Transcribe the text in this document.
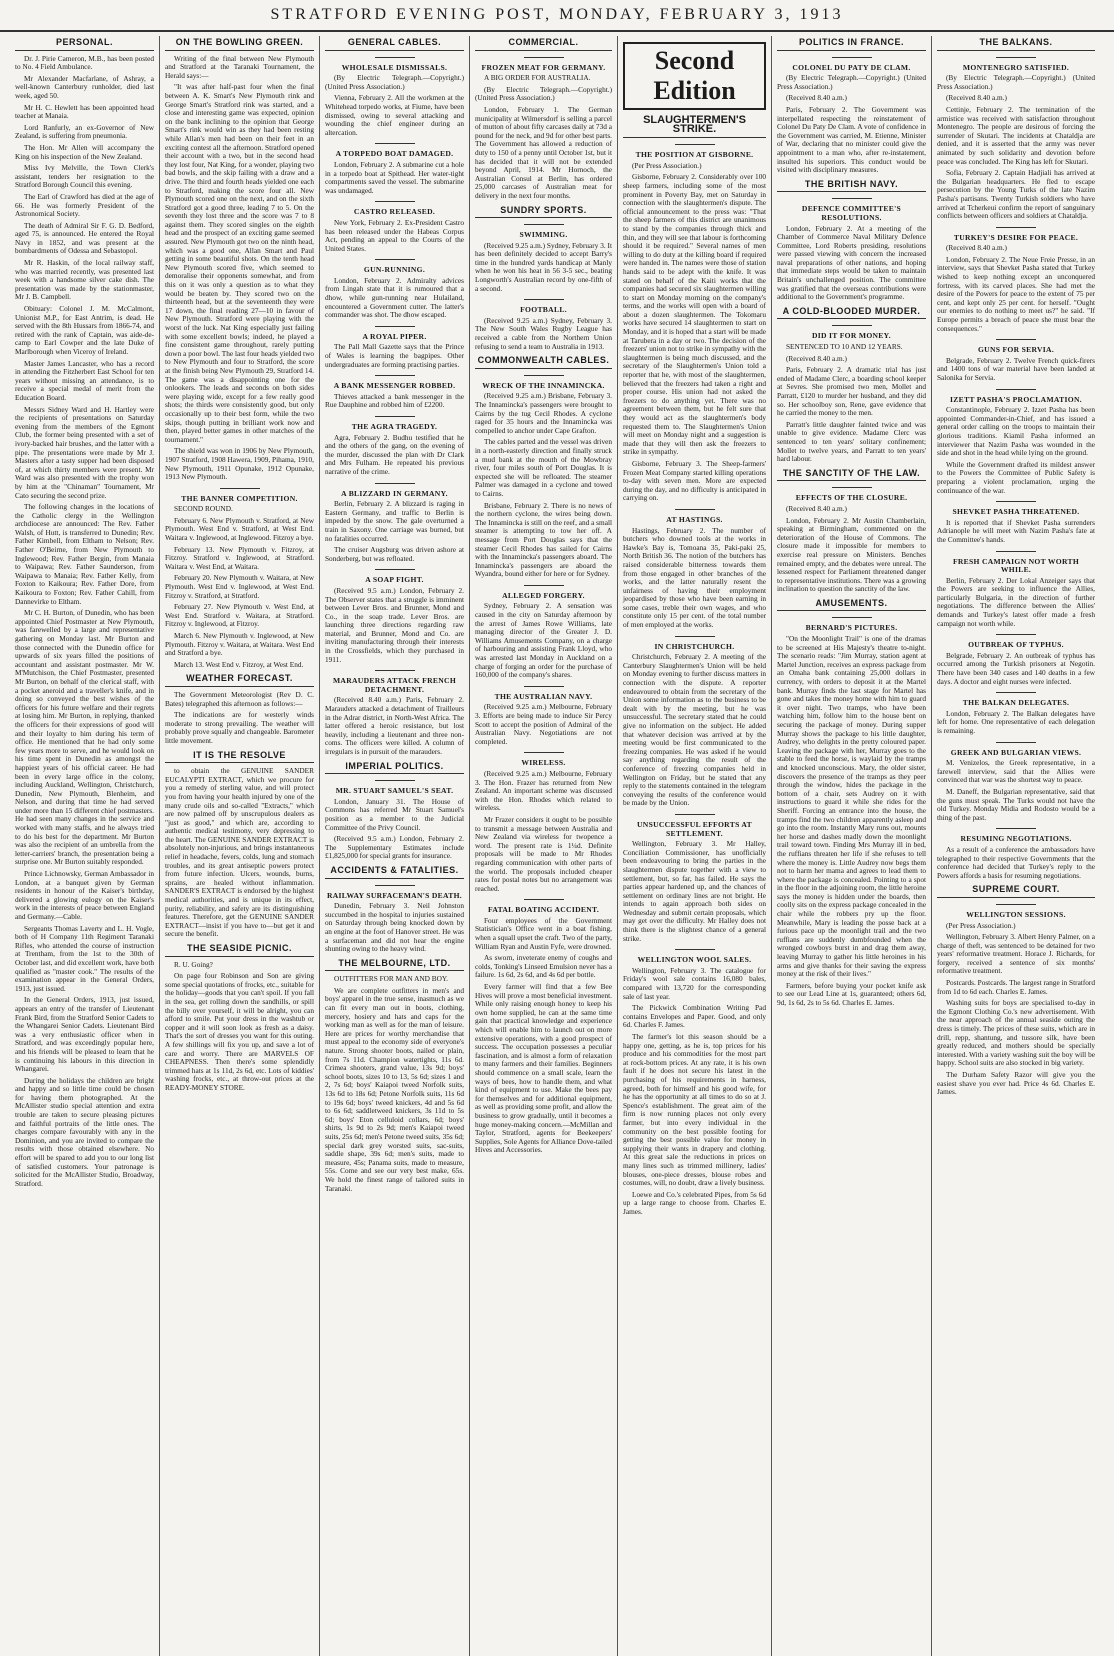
STRATFORD EVENING POST, MONDAY, FEBRUARY 3, 1913
PERSONAL.

Dr. J. Pirie Cameron, M.B., has been posted to No. 4 Field Ambulance.

Mr Alexander Macfarlane, of Ashray, a well-known Canterbury runholder, died last week, aged 50.

Mr H. C. Hewlett has been appointed head teacher at Manaia.

Lord Ranfurly, an ex-Governor of New Zealand, is suffering from pneumonia.

The Hon. Mr Allen will accompany the King on his inspection of the New Zealand.

Miss Ivy Melville, the Town Clerk's assistant, tenders her resignation to the Stratford Borough Council this evening.

The Earl of Crawford has died at the age of 66. He was formerly President of the Astronomical Society.

The death of Admiral Sir F. G. D. Bedford, aged 75, is announced. He entered the Royal Navy in 1852, and was present at the bombardments of Odessa and Sebastopol.

Mr R. Haskin, of the local railway staff, who was married recently, was presented last week with a handsome silver cake dish. The presentation was made by the stationmaster, Mr J. B. Campbell.

Obituary: Colonel J. M. McCalmont, Unionist M.P., for East Antrim, is dead. He served with the 8th Hussars from 1866-74, and retired with the rank of Captain, was aide-de-camp to Earl Cowper and the late Duke of Marlborough when Viceroy of Ireland.

Master James Lancaster, who has a record in attending the Fitzherbert East School for ten years without missing an attendance, is to receive a special medal of merit from the Education Board.

Messrs Sidney Ward and H. Hartley were the recipients of presentations on Saturday evening from the members of the Egmont Club, the former being presented with a set of ivory-backed hair brushes, and the latter with a pipe. The presentations were made by Mr J. Masters after a tasty supper had been disposed of, at which thirty members were present. Mr Ward was also presented with the trophy won by him at the "Chinaman" Tournament, Mr Cato securing the second prize.

The following changes in the locations of the Catholic clergy in the Wellington archdiocese are announced: The Rev. Father Walsh, of Hutt, is transferred to Dunedin; Rev. Father Kimbell, from Eltham to Nelson; Rev. Father O'Beirne, from New Plymouth to Inglewood; Rev. Father Bergin, from Manaia to Waipawa; Rev. Father Saunderson, from Waipawa to Manaia; Rev. Father Kelly, from Foxton to Kaikoura; Rev. Father Dore, from Kaikoura to Foxton; Rev. Father Cahill, from Dannevirke to Eltham.

Mr C. H. Burton, of Dunedin, who has been appointed Chief Postmaster at New Plymouth, was farewelled by a large and representative gathering on Monday last. Mr Burton and those connected with the Dunedin office for upwards of six years filled the positions of accountant and assistant postmaster. Mr W. M'Mutchison, the Chief Postmaster, presented Mr Burton, on behalf of the clerical staff, with a pocket aneroid and a traveller's knife, and in doing so conveyed the best wishes of the officers for his future welfare and their regrets at losing him. Mr Burton, in replying, thanked the officers for their expressions of good will and their loyalty to him during his term of office. He mentioned that he had only some few years more to serve, and he would look on his time spent in Dunedin as amongst the happiest years of his official career. He had been in every large office in the colony, including Auckland, Wellington, Christchurch, Dunedin, New Plymouth, Blenheim, and Nelson, and during that time he had served under more than 15 different chief postmasters. He had seen many changes in the service and worked with many staffs, and he always tried to do his best for the department. Mr Burton was also the recipient of an umbrella from the letter-carriers' branch, the presentation being a surprise one. Mr Burton suitably responded.

Prince Lichnowsky, German Ambassador in London, at a banquet given by German residents in honour of the Kaiser's birthday, delivered a glowing eulogy on the Kaiser's work in the interests of peace between England and Germany.—Cable.

Sergeants Thomas Laverty and L. H. Vogle, both of H Company 11th Regiment Taranaki Rifles, who attended the course of instruction at Trentham, from the 1st to the 30th of October last, and did excellent work, have both qualified as "master cook." The results of the examination appear in the General Orders, 1913, just issued.

In the General Orders, 1913, just issued, appears an entry of the transfer of Lieutenant Frank Bird, from the Stratford Senior Cadets to the Whangarei Senior Cadets. Lieutenant Bird was a very enthusiastic officer when in Stratford, and was exceedingly popular here, and his friends will be pleased to learn that he is continuing his labours in this direction in Whangarei.

During the holidays the children are bright and happy and so little time could be chosen for having them photographed. At the McAllister studio special attention and extra trouble are taken to secure pleasing pictures and faithful portraits of the little ones. The charges compare favourably with any in the Dominion, and you are invited to compare the results with those obtained elsewhere. No effort will be spared to add you to our long list of satisfied customers. Your patronage is solicited for the McAllister Studio, Broadway, Stratford.

ON THE BOWLING GREEN.

Writing of the final between New Plymouth and Stratford at the Taranaki Tournament, the Herald says:—

"It was after half-past four when the final between A. K. Smart's New Plymouth rink and George Smart's Stratford rink was started, and a close and interesting game was expected, opinion on the bank inclining to the opinion that George Smart's rink would win as they had been resting while Allan's men had been on their feet in an exciting contest all the afternoon. Stratford opened their account with a two, but in the second head they lost four, Nat King, for a wonder, playing two bad bowls, and the skip failing with a draw and a drive. The third and fourth heads yielded one each to Stratford, making the score four all. New Plymouth scored one on the next, and on the sixth Stratford got a good three, leading 7 to 5. On the seventh they lost three and the score was 7 to 8 against them. They scored singles on the eighth head and the prospect of an exciting game seemed assured. New Plymouth got two on the ninth head, which was a good one, Allan Smart and Paul getting in some beautiful shots. On the tenth head New Plymouth scored five, which seemed to demoralise their opponents somewhat, and from this on it was only a question as to what they would be beaten by. They scored two on the thirteenth head, but at the seventeenth they were 17 down, the final reading 27—10 in favour of New Plymouth. Stratford were playing with the worst of the luck. Nat King especially just failing with some excellent bowls; indeed, he played a fine consistent game throughout, rarely putting down a poor bowl. The last four heads yielded two to New Plymouth and four to Stratford, the score at the finish being New Plymouth 29, Stratford 14. The game was a disappointing one for the onlookers. The leads and seconds on both sides were playing wide, except for a few really good shots; the thirds were consistently good, but only occasionally up to their best form, while the two skips, though putting in brilliant work now and then, played better games in other matches of the tournament."

The shield was won in 1906 by New Plymouth, 1907 Stratford, 1908 Hawera, 1909, Pihama, 1910, New Plymouth, 1911 Opunake, 1912 Opunake, 1913 New Plymouth.

THE BANNER COMPETITION.

SECOND ROUND.

February 6. New Plymouth v. Stratford, at New Plymouth. West End v. Stratford, at West End. Waitara v. Inglewood, at Inglewood. Fitzroy a bye.

February 13. New Plymouth v. Fitzroy, at Fitzroy. Stratford v. Inglewood, at Stratford. Waitara v. West End, at Waitara.

February 20. New Plymouth v. Waitara, at New Plymouth. West End v. Inglewood, at West End. Fitzroy v. Stratford, at Stratford.

February 27. New Plymouth v. West End, at West End. Stratford v. Waitara, at Stratford. Fitzroy v. Inglewood, at Fitzroy.

March 6. New Plymouth v. Inglewood, at New Plymouth. Fitzroy v. Waitara, at Waitara. West End and Stratford a bye.

March 13. West End v. Fitzroy, at West End.

WEATHER FORECAST.

The Government Meteorologist (Rev D. C. Bates) telegraphed this afternoon as follows:—

The indications are for westerly winds moderate to strong prevailing. The weather will probably prove squally and changeable. Barometer little movement.

IT IS THE RESOLVE

to obtain the GENUINE SANDER EUCALYPTI EXTRACT, which we procure for you a remedy of sterling value, and will protect you from having your health injured by one of the many crude oils and so-called "Extracts," which are now palmed off by unscrupulous dealers as "just as good," and which are, according to authentic medical testimony, very depressing to the heart. The GENUINE SANDER EXTRACT is absolutely non-injurious, and brings instantaneous relief in headache, fevers, colds, lung and stomach troubles, and its great antiseptic powers protect from future infection. Ulcers, wounds, burns, sprains, are healed without inflammation. SANDER'S EXTRACT is endorsed by the highest medical authorities, and is unique in its effect, purity, reliability, and safety are its distinguishing features. Therefore, get the GENUINE SANDER EXTRACT—insist if you have to—but get it and secure the benefit.

THE SEASIDE PICNIC.

R. U. Going?

On page four Robinson and Son are giving some special quotations of frocks, etc., suitable for the holiday—goods that you can't spoil. If you fall in the sea, get rolling down the sandhills, or spill the billy over yourself, it will be alright, you can afford to smile. Put your dress in the washtub or copper and it will soon look as fresh as a daisy. That's the sort of dresses you want for this outing. A few shillings will fix you up, and save a lot of care and worry. There are MARVELS OF CHEAPNESS. Then there's some splendidly trimmed hats at 1s 11d, 2s 6d, etc. Lots of kiddies' washing frocks, etc., at throw-out prices at the READY-MONEY STORE.

GENERAL CABLES.
WHOLESALE DISMISSALS.

(By Electric Telegraph.—Copyright.) (United Press Association.)

Vienna, February 2. All the workmen at the Whitehead torpedo works, at Fiume, have been dismissed, owing to several attacking and wounding the chief engineer during an altercation.

A TORPEDO BOAT DAMAGED.

London, February 2. A submarine cut a hole in a torpedo boat at Spithead. Her water-tight compartments saved the vessel. The submarine was undamaged.

CASTRO RELEASED.

New York, February 2. Ex-President Castro has been released under the Habeas Corpus Act, pending an appeal to the Courts of the United States.

GUN-RUNNING.

London, February 2. Admiralty advices from Lingah state that it is rumoured that a dhow, while gun-running near Hulailand, encountered a Government cutter. The latter's commander was shot. The dhow escaped.

A ROYAL PIPER.

The Pall Mall Gazette says that the Prince of Wales is learning the bagpipes. Other undergraduates are forming practising parties.

A BANK MESSENGER ROBBED.

Thieves attacked a bank messenger in the Rue Dauphine and robbed him of £2200.

THE AGRA TRAGEDY.

Agra, February 2. Budhu testified that he and the others of the gang, on the evening of the murder, discussed the plan with Dr Clark and Mrs Fulham. He repeated his previous narrative of the crime.

A BLIZZARD IN GERMANY.

Berlin, February 2. A blizzard is raging in Eastern Germany, and traffic to Berlin is impeded by the snow. The gale overturned a train in Saxony. One carriage was burned, but no fatalities occurred.

The cruiser Augsburg was driven ashore at Sonderberg, but was refloated.

A SOAP FIGHT.

(Received 9.5 a.m.) London, February 2. The Observer states that a struggle is imminent between Lever Bros. and Brunner, Mond and Co., in the soap trade. Lever Bros. are launching three directions regarding raw material, and Brunner, Mond and Co. are inviting manufacturing through their interests in the Crossfields, which they purchased in 1911.

MARAUDERS ATTACK FRENCH DETACHMENT.

(Received 8.40 a.m.) Paris, February 2. Marauders attacked a detachment of Trailleurs in the Adrar district, in North-West Africa. The latter offered a heroic resistance, but lost heavily, including a lieutenant and three non-coms. The officers were killed. A column of irregulars is in pursuit of the marauders.

IMPERIAL POLITICS.
MR. STUART SAMUEL'S SEAT.

London, January 31. The House of Commons has referred Mr Stuart Samuel's position as a member to the Judicial Committee of the Privy Council.

(Received 9.5 a.m.) London, February 2. The Supplementary Estimates include £1,825,000 for special grants for insurance.

ACCIDENTS & FATALITIES.
RAILWAY SURFACEMAN'S DEATH.

Dunedin, February 3. Neil Johnston succumbed in the hospital to injuries sustained on Saturday through being knocked down by an engine at the foot of Hanover street. He was a surfaceman and did not hear the engine shunting owing to the heavy wind.

THE MELBOURNE, LTD.

OUTFITTERS FOR MAN AND BOY.

We are complete outfitters in men's and boys' apparel in the true sense, inasmuch as we can fit every man out in boots, clothing, mercery, hosiery and hats and caps for the working man as well as for the man of leisure. Here are prices for worthy merchandise that must appeal to the economy side of everyone's nature. Strong shooter boots, nailed or plain, from 7s 11d. Champion watertights, 11s 6d. Crimea shooters, grand value, 13s 9d; boys' school boots, sizes 10 to 13, 5s 6d; sizes 1 and 2, 7s 6d; boys' Kaiapoi tweed Norfolk suits, 13s 6d to 18s 6d; Petone Norfolk suits, 11s 6d to 19s 6d; boys' tweed knickers, 4d and 5s 6d to 6s 6d; saddletweed knickers, 3s 11d to 5s 6d; boys' Eton celluloid collars, 6d; boys' shirts, 1s 9d to 2s 9d; men's Kaiapoi tweed suits, 25s 6d; men's Petone tweed suits, 35s 6d; special dark grey worsted suits, sac-suits, saddle shape, 39s 6d; men's suits, made to measure, 45s; Panama suits, made to measure, 55s. Come and see our very best make, 65s. We hold the finest range of tailored suits in Taranaki.

COMMERCIAL.
FROZEN MEAT FOR GERMANY.

A BIG ORDER FOR AUSTRALIA.

(By Electric Telegraph.—Copyright.) (United Press Association.)

London, February 1. The German municipality at Wilmersdorf is selling a parcel of mutton of about fifty carcases daily at 73d a pound for the neck, and 9d for other best parts. The Government has allowed a reduction of duty to 150 of a penny until October 1st, but it has decided that it will not be extended beyond April, 1914. Mr Hornoch, the Australian Consul at Berlin, has ordered 25,000 carcases of Australian meat for delivery in the next four months.

SUNDRY SPORTS.
SWIMMING.

(Received 9.25 a.m.) Sydney, February 3. It has been definitely decided to accept Barry's time in the hundred yards handicap at Manly when he won his heat in 56 3-5 sec., beating Longworth's Australian record by one-fifth of a second.

FOOTBALL.

(Received 9.25 a.m.) Sydney, February 3. The New South Wales Rugby League has received a cable from the Northern Union refusing to send a team to Australia in 1913.

COMMONWEALTH CABLES.
WRECK OF THE INNAMINCKA.

(Received 9.25 a.m.) Brisbane, February 3. The Innamincka's passengers were brought to Cairns by the tug Cecil Rhodes. A cyclone raged for 35 hours and the Innamincka was compelled to anchor under Cape Grafton.

The cables parted and the vessel was driven in a north-easterly direction and finally struck a mud bank at the mouth of the Mowbray river, four miles south of Port Douglas. It is expected she will be refloated. The steamer Palmer was damaged in a cyclone and towed to Cairns.

Brisbane, February 2. There is no news of the northern cyclone, the wires being down. The Innamincka is still on the reef, and a small steamer is attempting to tow her off. A message from Port Douglas says that the steamer Cecil Rhodes has sailed for Cairns with the Innamincka's passengers aboard. The Innamincka's passengers are aboard the Wyandra, bound either for here or for Sydney.

ALLEGED FORGERY.

Sydney, February 2. A sensation was caused in the city on Saturday afternoon by the arrest of James Rowe Williams, late managing director of the Greater J. D. Williams Amusements Company, on a charge of harbouring and assisting Frank Lloyd, who was arrested last Monday in Auckland on a charge of forging an order for the purchase of 160,000 of the company's shares.

THE AUSTRALIAN NAVY.

(Received 9.25 a.m.) Melbourne, February 3. Efforts are being made to induce Sir Percy Scott to accept the position of Admiral of the Australian Navy. Negotiations are not completed.

WIRELESS.

(Received 9.25 a.m.) Melbourne, February 3. The Hon. Frazer has returned from New Zealand. An important scheme was discussed with the Hon. Rhodes which related to wireless.

Mr Frazer considers it ought to be possible to transmit a message between Australia and New Zealand via wireless for twopence a word. The present rate is 1¼d. Definite proposals will be made to Mr Rhodes regarding communication with other parts of the world. The proposals included cheaper rates for postal notes but no arrangement was reached.

FATAL BOATING ACCIDENT.

Four employees of the Government Statistician's Office went in a boat fishing, when a squall upset the craft. Two of the party, William Ryan and Austin Fyfe, were drowned.

As sworn, inveterate enemy of coughs and colds, Tonking's Linseed Emulsion never has a failure. 1s 6d, 2s 6d, and 4s 6d per bottle.

Every farmer will find that a few Bee Hives will prove a most beneficial investment. While only raising enough honey to keep his own home supplied, he can at the same time gain that practical knowledge and experience which will enable him to launch out on more extensive operations, with a good prospect of success. The occupation possesses a peculiar fascination, and is almost a form of relaxation to many farmers and their families. Beginners should commence on a small scale, learn the ways of bees, how to handle them, and what kind of equipment to use. Make the bees pay for themselves and for additional equipment, as well as providing some profit, and allow the business to grow gradually, until it becomes a huge money-making concern.—McMillan and Taylor, Stratford, agents for Beekeepers' Supplies, Sole Agents for Alliance Dove-tailed Hives and Accessories.

Second Edition
SLAUGHTERMEN'S STRIKE.
THE POSITION AT GISBORNE.

(Per Press Association.)

Gisborne, February 2. Considerably over 100 sheep farmers, including some of the most prominent in Poverty Bay, met on Saturday in connection with the slaughtermen's dispute. The official announcement to the press was: "That the sheep farmers of this district are unanimous to stand by the companies through thick and thin, and they will see that labour is forthcoming should it be required." Several names of men willing to do duty at the killing board if required were handed in. The names were those of station hands said to be adept with the knife. It was stated on behalf of the Kaiti works that the companies had secured six slaughtermen willing to start on Monday morning on the company's terms, and the works will open with a board of about a dozen slaughtermen. The Tokomaru works have secured 14 slaughtermen to start on Monday, and it is hoped that a start will be made at Tarubera in a day or two. The decision of the freezers' union not to strike in sympathy with the slaughtermen is being much discussed, and the secretary of the Slaughtermen's Union told a reporter that he, with most of the slaughtermen, believed that the freezers had taken a right and proper course. His union had not asked the freezers to do anything yet. There was no agreement between them, but he felt sure that they would act as the slaughtermen's body requested them to. The Slaughtermen's Union will meet on Monday night and a suggestion is made that they will then ask the freezers to strike in sympathy.

Gisborne, February 3. The Sheep-farmers' Frozen Meat Company started killing operations to-day with seven men. More are expected during the day, and no difficulty is anticipated in carrying on.

AT HASTINGS.

Hastings, February 2. The number of butchers who downed tools at the works in Hawke's Bay is, Tomoana 35, Paki-paki 25, North British 36. The notion of the butchers has raised considerable bitterness towards them from those engaged in other branches of the works, and the latter naturally resent the unfairness of having their employment jeopardised by those who have been earning in some cases, treble their own wages, and who constitute only 15 per cent. of the total number of men employed at the works.

IN CHRISTCHURCH.

Christchurch, February 2. A meeting of the Canterbury Slaughtermen's Union will be held on Monday evening to further discuss matters in connection with the dispute. A reporter endeavoured to obtain from the secretary of the Union some information as to the business to be dealt with by the meeting, but he was unsuccessful. The secretary stated that he could give no information on the subject. He added that whatever decision was arrived at by the meeting would be first communicated to the freezing companies. He was asked if he would say anything regarding the result of the conference of freezing companies held in Wellington on Friday, but he stated that any reply to the statements contained in the telegram conveying the results of the conference would be made by the Union.

UNSUCCESSFUL EFFORTS AT SETTLEMENT.

Wellington, February 3. Mr Halley, Conciliation Commissioner, has unofficially been endeavouring to bring the parties in the slaughtermen dispute together with a view to settlement, but, so far, has failed. He says the parties appear hardened up, and the chances of settlement on ordinary lines are not bright. He intends to again approach both sides on Wednesday and submit certain proposals, which may get over the difficulty. Mr Halley does not think there is the slightest chance of a general strike.

WELLINGTON WOOL SALES.

Wellington, February 3. The catalogue for Friday's wool sale contains 16,080 bales, compared with 13,720 for the corresponding sale of last year.

The Pickwick Combination Writing Pad contains Envelopes and Paper. Good, and only 6d. Charles F. James.

The farmer's lot this season should be a happy one, getting, as he is, top prices for his produce and his commodities for the most part at rock-bottom prices. At any rate, it is his own fault if he does not secure his latest in the purchasing of his requirements in harness, agreed, both for himself and his good wife, for he has the opportunity at all times to do so at J. Spence's establishment. The great aim of the firm is now running places not only every farmer, but into every individual in the community on the best possible footing for getting the best possible value for money in supplying their wants in drapery and clothing. At this great sale the reductions in prices on many lines such as trimmed millinery, ladies' blouses, one-piece dresses, blouse robes and costumes, will, no doubt, draw a lively business.

Loewe and Co.'s celebrated Pipes, from 5s 6d up a large range to choose from. Charles E. James.

POLITICS IN FRANCE.
COLONEL DU PATY DE CLAM.

(By Electric Telegraph.—Copyright.) (United Press Association.)

(Received 8.40 a.m.)

Paris, February 2. The Government was interpellated respecting the reinstatement of Colonel Du Paty De Clam. A vote of confidence in the Government was carried, M. Etienne, Minister of War, declaring that no minister could give the appointment to a man who, after re-instatement, insulted his superiors. This conduct would be visited with disciplinary measures.

THE BRITISH NAVY.
DEFENCE COMMITTEE'S RESOLUTIONS.

London, February 2. At a meeting of the Chamber of Commerce Naval Military Defence Committee, Lord Roberts presiding, resolutions were passed viewing with concern the increased naval preparations of other nations, and hoping that immediate steps would be taken to maintain Britain's unchallenged position. The committee was gratified that the overseas contributions were additional to the Government's programme.

A COLD-BLOODED MURDER.
DID IT FOR MONEY.

SENTENCED TO 10 AND 12 YEARS.

(Received 8.40 a.m.)

Paris, February 2. A dramatic trial has just ended of Madame Clerc, a boarding school keeper at Sevres. She promised two men, Mollet and Parratt, £120 to murder her husband, and they did so. Her schoolboy son, Rene, gave evidence that he carried the money to the men.

Parratt's little daughter fainted twice and was unable to give evidence. Madame Clerc was sentenced to ten years' solitary confinement; Mollet to twelve years, and Parratt to ten years' hard labour.

THE SANCTITY OF THE LAW.
EFFECTS OF THE CLOSURE.

(Received 8.40 a.m.)

London, February 2. Mr Austin Chamberlain, speaking at Birmingham, commented on the deterioration of the House of Commons. The closure made it impossible for members to exercise real pressure on Ministers. Benches remained empty, and the debates were unreal. The lessened respect for Parliament threatened danger to representative institutions. There was a growing inclination to question the sanctity of the law.

AMUSEMENTS.
BERNARD'S PICTURES.

"On the Moonlight Trail" is one of the dramas to be screened at His Majesty's theatre to-night. The scenario reads: "Jim Murray, station agent at Martel Junction, receives an express package from an Omaha bank containing 25,000 dollars in currency, with orders to deposit it at the Martel bank. Murray finds the last stage for Martel has gone and takes the money home with him to guard it over night. Two tramps, who have been watching him, follow him to the house bent on securing the package of money. During supper Murray shows the package to his little daughter, Audrey, who delights in the pretty coloured paper. Leaving the package with her, Murray goes to the stable to feed the horse, is waylaid by the tramps and knocked unconscious. Mary, the older sister, discovers the presence of the tramps as they peer through the window, hides the package in the bottom of a chair, sets Audrey on it with instructions to guard it while she rides for the Sheriff. Forcing an entrance into the house, the tramps find the two children apparently asleep and go into the room. Instantly Mary runs out, mounts her horse and dashes madly down the moonlight trail toward town. Finding Mrs Murray ill in bed, the ruffians threaten her life if she refuses to tell where the money is. Little Audrey now begs them not to harm her mama and agrees to lead them to where the package is concealed. Pointing to a spot in the floor in the adjoining room, the little heroine says the money is hidden under the boards, then coolly sits on the express package concealed in the chair while the robbers pry up the floor. Meanwhile, Mary is leading the posse back at a furious pace up the moonlight trail and the two ruffians are suddenly dumbfounded when the wronged cowboys burst in and drag them away, leaving Murray to gather his little heroines in his arms and give thanks for their saving the express money at the risk of their lives."

Farmers, before buying your pocket knife ask to see our Lead Line at 1s, guaranteed; others 6d, 9d, 1s 6d, 2s to 5s 6d. Charles E. James.

THE BALKANS.
MONTENEGRO SATISFIED.

(By Electric Telegraph.—Copyright.) (United Press Association.)

(Received 8.40 a.m.)

Cettinje, February 2. The termination of the armistice was received with satisfaction throughout Montenegro. The people are desirous of forcing the surrender of Skutari. The incidents at Chataldja are denied, and it is asserted that the army was never animated by such solidarity and devotion before peace was concluded. The King has left for Skutari.

Sofia, February 2. Captain Hadjiali has arrived at the Bulgarian headquarters. He fled to escape persecution by the Young Turks of the late Nazim Pasha's partisans. Twenty Turkish soldiers who have arrived at Tcherkeui confirm the report of sanguinary conflicts between officers and soldiers at Chataldja.

TURKEY'S DESIRE FOR PEACE.

(Received 8.40 a.m.)

London, February 2. The Neue Freie Presse, in an interview, says that Shevket Pasha stated that Turkey wished to keep nothing except an unconquered fortress, with its carved places. She had met the desire of the Powers for peace to the extent of 75 per cent, and kept only 25 per cent. for herself. "Ought our enemies to do nothing to meet us?" he said. "If Europe permits a breach of peace she must bear the consequences."

GUNS FOR SERVIA.

Belgrade, February 2. Twelve French quick-firers and 1400 tons of war material have been landed at Salonika for Servia.

IZETT PASHA'S PROCLAMATION.

Constantinople, February 2. Izzet Pasha has been appointed Commander-in-Chief, and has issued a general order calling on the troops to maintain their glorious traditions. Kiamil Pasha informed an interviewer that Nazim Pasha was wounded in the side and shot in the head while lying on the ground.

While the Government drafted its mildest answer to the Powers the Committee of Public Safety is preparing a violent proclamation, urging the continuance of the war.

SHEVKET PASHA THREATENED.

It is reported that if Shevket Pasha surrenders Adrianople he will meet with Nazim Pasha's fate at the Committee's hands.

FRESH CAMPAIGN NOT WORTH WHILE.

Berlin, February 2. Der Lokal Anzeiger says that the Powers are seeking to influence the Allies, particularly Bulgaria, in the direction of further negotiations. The difference between the Allies' demands and Turkey's latest offer made a fresh campaign not worth while.

OUTBREAK OF TYPHUS.

Belgrade, February 2. An outbreak of typhus has occurred among the Turkish prisoners at Negotin. There have been 340 cases and 140 deaths in a few days. A doctor and eight nurses were infected.

THE BALKAN DELEGATES.

London, February 2. The Balkan delegates have left for home. One representative of each delegation is remaining.

GREEK AND BULGARIAN VIEWS.

M. Venizelos, the Greek representative, in a farewell interview, said that the Allies were convinced that war was the shortest way to peace.

M. Daneff, the Bulgarian representative, said that the guns must speak. The Turks would not have the old Turkey. Monday Midia and Rodosto would be a thing of the past.

RESUMING NEGOTIATIONS.

As a result of a conference the ambassadors have telegraphed to their respective Governments that the conference had decided that Turkey's reply to the Powers affords a basis for resuming negotiations.

SUPREME COURT.
WELLINGTON SESSIONS.

(Per Press Association.)

Wellington, February 3. Albert Henry Palmer, on a charge of theft, was sentenced to be detained for two years' reformative treatment. Horace J. Richards, for forgery, received a sentence of six months' reformative treatment.

Postcards. Postcards. The largest range in Stratford from 1d to 6d each. Charles E. James.

Washing suits for boys are specialised to-day in the Egmont Clothing Co.'s new advertisement. With the near approach of the annual seaside outing the dress is timely. The prices of these suits, which are in drill, repp, shantung, and tussore silk, have been greatly reduced, and mothers should be specially interested. With a variety washing suit the boy will be happy. School suits are also stocked in big variety.

The Durham Safety Razor will give you the easiest shave you ever had. Price 4s 6d. Charles E. James.
